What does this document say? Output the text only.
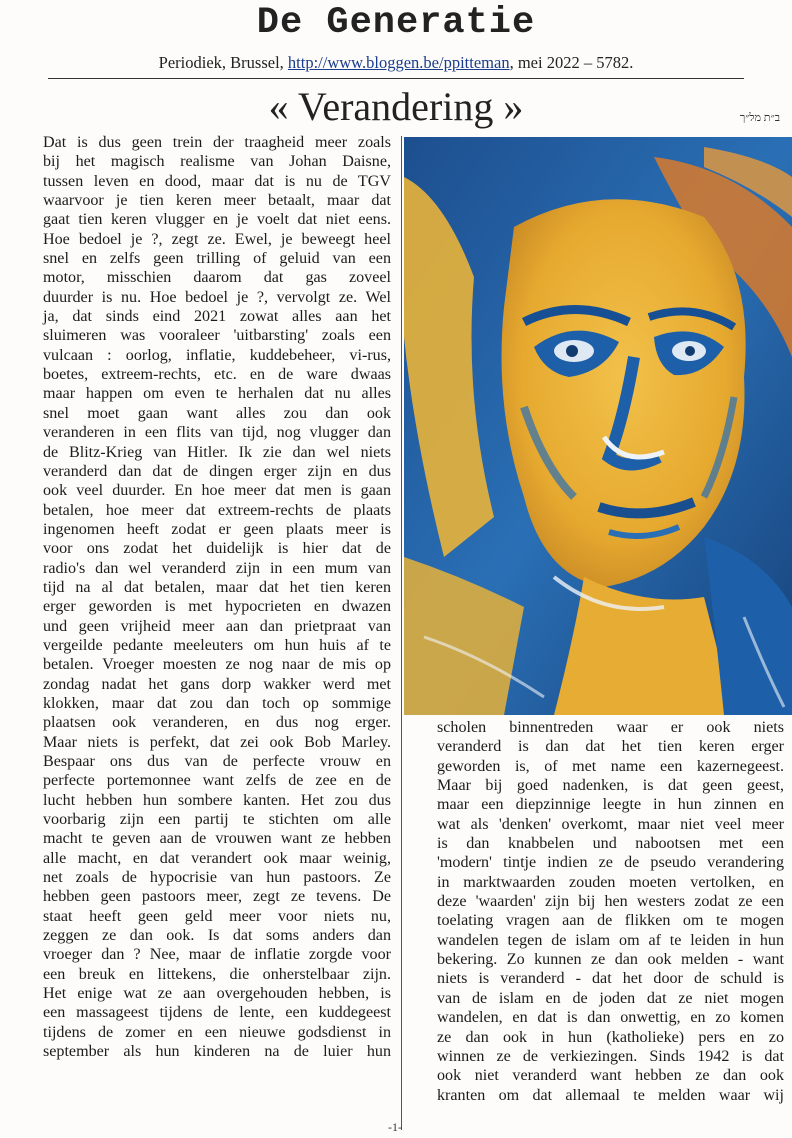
De Generatie
Periodiek, Brussel, http://www.bloggen.be/ppitteman, mei 2022 – 5782.
« Verandering »	ב״ת מל״ך
Dat is dus geen trein der traagheid meer zoals
bij het magisch realisme van Johan Daisne,
tussen leven en dood, maar dat is nu de TGV
waarvoor je tien keren meer betaalt, maar dat
gaat tien keren vlugger en je voelt dat niet eens.
Hoe bedoel je ?, zegt ze. Ewel, je beweegt heel
snel en zelfs geen trilling of geluid van een
motor, misschien daarom dat gas zoveel
duurder is nu. Hoe bedoel je ?, vervolgt ze. Wel
ja, dat sinds eind 2021 zowat alles aan het
sluimeren was vooraleer 'uitbarsting' zoals een
vulcaan : oorlog, inflatie, kuddebeheer, vi-rus,
boetes, extreem-rechts, etc. en de ware dwaas
maar happen om even te herhalen dat nu alles
snel moet gaan want alles zou dan ook
veranderen in een flits van tijd, nog vlugger dan
de Blitz-Krieg van Hitler. Ik zie dan wel niets
veranderd dan dat de dingen erger zijn en dus
ook veel duurder. En hoe meer dat men is gaan
betalen, hoe meer dat extreem-rechts de plaats
ingenomen heeft zodat er geen plaats meer is
voor ons zodat het duidelijk is hier dat de
radio's dan wel veranderd zijn in een mum van
tijd na al dat betalen, maar dat het tien keren
erger geworden is met hypocrieten en dwazen
und geen vrijheid meer aan dan prietpraat van
vergeilde pedante meeleuters om hun huis af te
betalen. Vroeger moesten ze nog naar de mis op
zondag nadat het gans dorp wakker werd met
klokken, maar dat zou dan toch op sommige
plaatsen ook veranderen, en dus nog erger.
Maar niets is perfekt, dat zei ook Bob Marley.
Bespaar ons dus van de perfecte vrouw en
perfecte portemonnee want zelfs de zee en de
lucht hebben hun sombere kanten. Het zou dus
voorbarig zijn een partij te stichten om alle
macht te geven aan de vrouwen want ze hebben
alle macht, en dat verandert ook maar weinig,
net zoals de hypocrisie van hun pastoors. Ze
hebben geen pastoors meer, zegt ze tevens. De
staat heeft geen geld meer voor niets nu,
zeggen ze dan ook. Is dat soms anders dan
vroeger dan ? Nee, maar de inflatie zorgde voor
een breuk en littekens, die onherstelbaar zijn.
Het enige wat ze aan overgehouden hebben, is
een massageest tijdens de lente, een kuddegeest
tijdens de zomer en een nieuwe godsdienst in
september als hun kinderen na de luier hun
scholen binnentreden waar er ook niets
veranderd is dan dat het tien keren erger
geworden is, of met name een kazernegeest.
Maar bij goed nadenken, is dat geen geest,
maar een diepzinnige leegte in hun zinnen en
wat als 'denken' overkomt, maar niet veel meer
is dan knabbelen und nabootsen met een
'modern' tintje indien ze de pseudo verandering
in marktwaarden zouden moeten vertolken, en
deze 'waarden' zijn bij hen westers zodat ze een
toelating vragen aan de flikken om te mogen
wandelen tegen de islam om af te leiden in hun
bekering. Zo kunnen ze dan ook melden - want
niets is veranderd - dat het door de schuld is
van de islam en de joden dat ze niet mogen
wandelen, en dat is dan onwettig, en zo komen
ze dan ook in hun (katholieke) pers en zo
winnen ze de verkiezingen. Sinds 1942 is dat
ook niet veranderd want hebben ze dan ook
kranten om dat allemaal te melden waar wij
-1-
